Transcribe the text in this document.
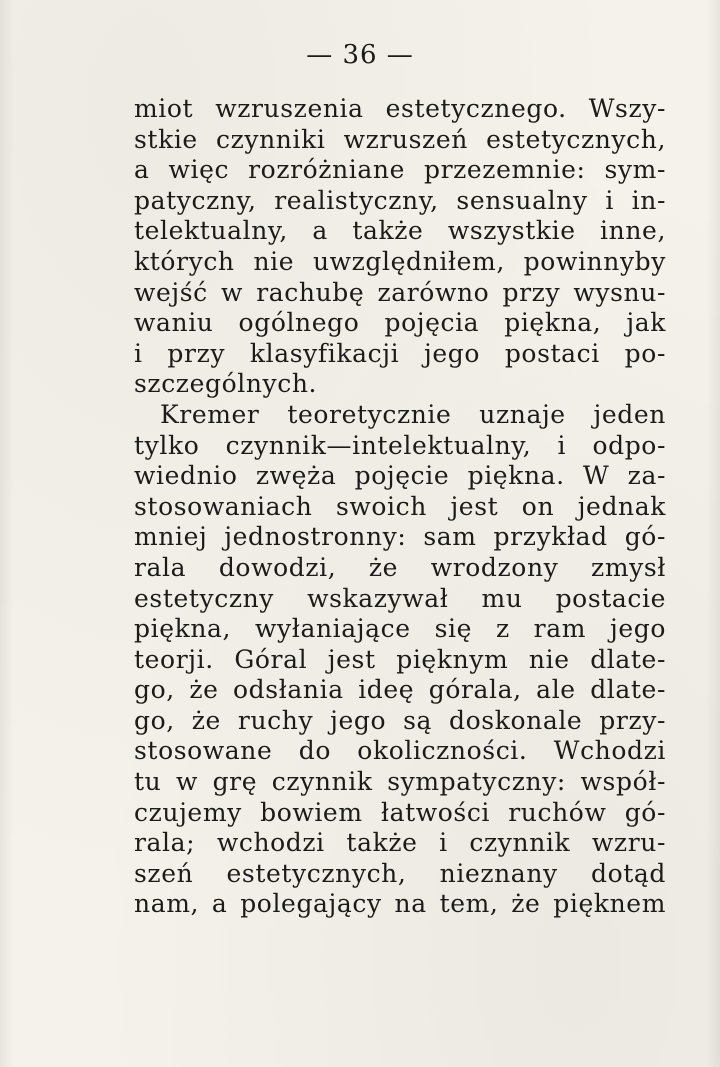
— 36 —
miot wzruszenia estetycznego. Wszy-
stkie czynniki wzruszeń estetycznych,
a więc rozróżniane przezemnie: sym-
patyczny, realistyczny, sensualny i in-
telektualny, a także wszystkie inne,
których nie uwzględniłem, powinnyby
wejść w rachubę zarówno przy wysnu-
waniu ogólnego pojęcia piękna, jak
i przy klasyfikacji jego postaci po-
szczególnych.
Kremer teoretycznie uznaje jeden
tylko czynnik—intelektualny, i odpo-
wiednio zwęża pojęcie piękna. W za-
stosowaniach swoich jest on jednak
mniej jednostronny: sam przykład gó-
rala dowodzi, że wrodzony zmysł
estetyczny wskazywał mu postacie
piękna, wyłaniające się z ram jego
teorji. Góral jest pięknym nie dlate-
go, że odsłania ideę górala, ale dlate-
go, że ruchy jego są doskonale przy-
stosowane do okoliczności. Wchodzi
tu w grę czynnik sympatyczny: współ-
czujemy bowiem łatwości ruchów gó-
rala; wchodzi także i czynnik wzru-
szeń estetycznych, nieznany dotąd
nam, a polegający na tem, że pięknem
